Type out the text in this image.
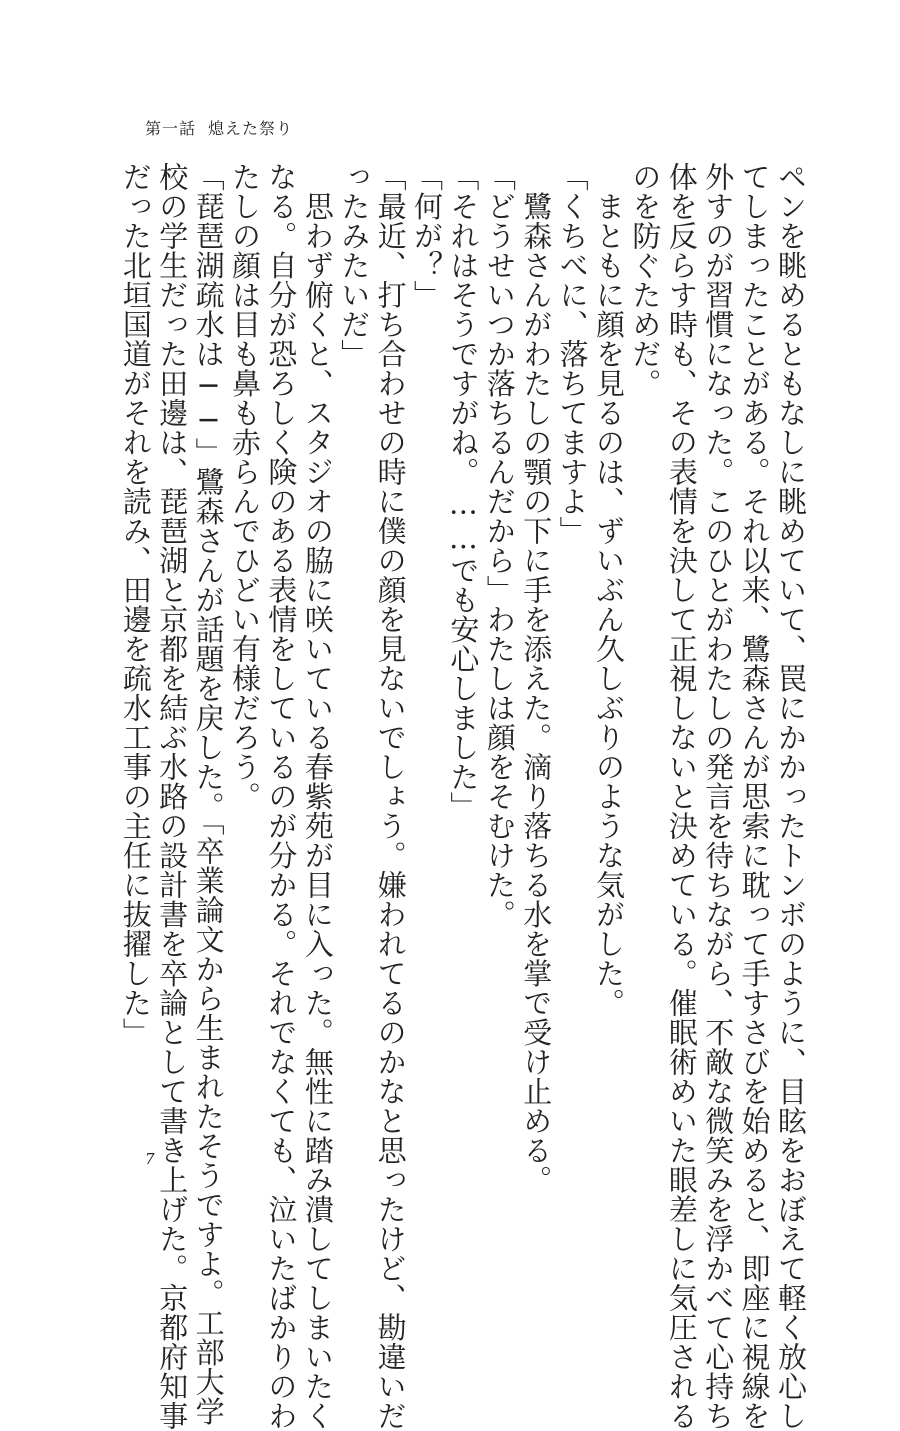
第一話 熄えた祭り
ペンを眺めるともなしに眺めていて、罠にかかったトンボのように、目眩をおぼえて軽く放心し
てしまったことがある。それ以来、鷺森さんが思索に耽って手すさびを始めると、即座に視線を
外すのが習慣になった。このひとがわたしの発言を待ちながら、不敵な微笑みを浮かべて心持ち
体を反らす時も、その表情を決して正視しないと決めている。催眠術めいた眼差しに気圧される
のを防ぐためだ。
　まともに顔を見るのは、ずいぶん久しぶりのような気がした。
「くちべに、落ちてますよ」
　鷺森さんがわたしの顎の下に手を添えた。滴り落ちる水を掌で受け止める。
「どうせいつか落ちるんだから」わたしは顔をそむけた。
「それはそうですがね。……でも安心しました」
「何が？」
「最近、打ち合わせの時に僕の顔を見ないでしょう。嫌われてるのかなと思ったけど、勘違いだ
ったみたいだ」
　思わず俯くと、スタジオの脇に咲いている春紫苑が目に入った。無性に踏み潰してしまいたく
なる。自分が恐ろしく険のある表情をしているのが分かる。それでなくても、泣いたばかりのわ
たしの顔は目も鼻も赤らんでひどい有様だろう。
「琵琶湖疏水は──」鷺森さんが話題を戻した。「卒業論文から生まれたそうですよ。工部大学
校の学生だった田邊は、琵琶湖と京都を結ぶ水路の設計書を卒論として書き上げた。京都府知事
だった北垣国道がそれを読み、田邊を疏水工事の主任に抜擢した」
7
